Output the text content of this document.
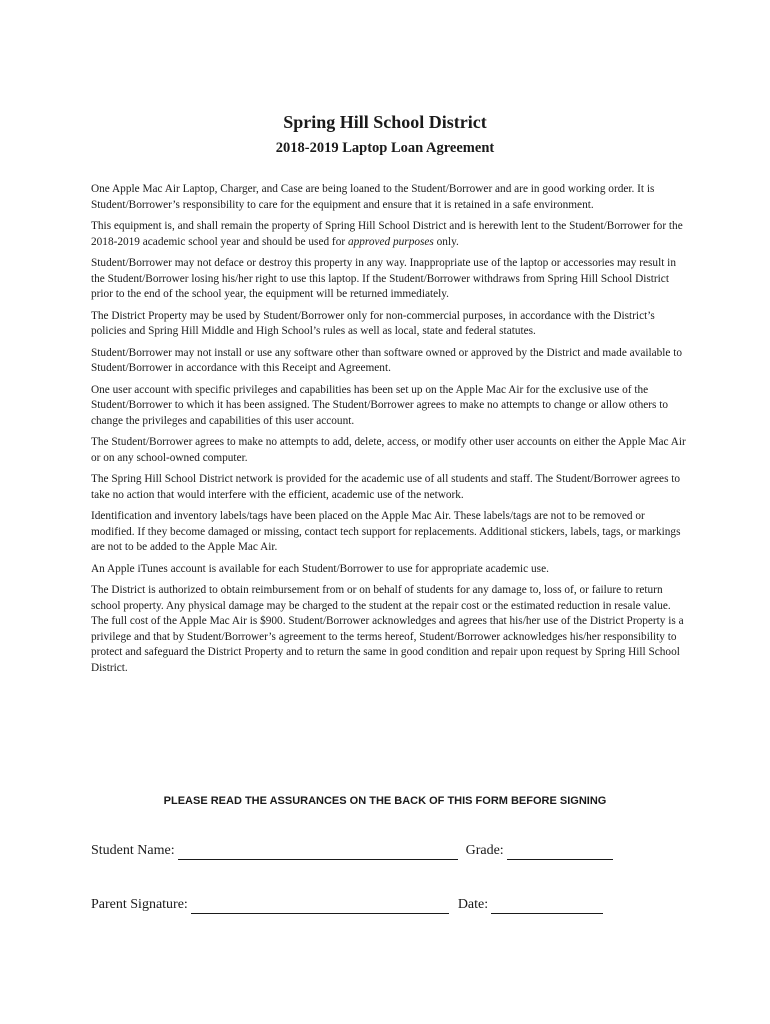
Spring Hill School District
2018-2019 Laptop Loan Agreement

One Apple Mac Air Laptop, Charger, and Case are being loaned to the Student/Borrower and are in good working order. It is Student/Borrower’s responsibility to care for the equipment and ensure that it is retained in a safe environment.

This equipment is, and shall remain the property of Spring Hill School District and is herewith lent to the Student/Borrower for the 2018-2019 academic school year and should be used for approved purposes only.

Student/Borrower may not deface or destroy this property in any way. Inappropriate use of the laptop or accessories may result in the Student/Borrower losing his/her right to use this laptop. If the Student/Borrower withdraws from Spring Hill School District prior to the end of the school year, the equipment will be returned immediately.

The District Property may be used by Student/Borrower only for non-commercial purposes, in accordance with the District’s policies and Spring Hill Middle and High School’s rules as well as local, state and federal statutes.

Student/Borrower may not install or use any software other than software owned or approved by the District and made available to Student/Borrower in accordance with this Receipt and Agreement.

One user account with specific privileges and capabilities has been set up on the Apple Mac Air for the exclusive use of the Student/Borrower to which it has been assigned. The Student/Borrower agrees to make no attempts to change or allow others to change the privileges and capabilities of this user account.

The Student/Borrower agrees to make no attempts to add, delete, access, or modify other user accounts on either the Apple Mac Air or on any school-owned computer.

The Spring Hill School District network is provided for the academic use of all students and staff. The Student/Borrower agrees to take no action that would interfere with the efficient, academic use of the network.

Identification and inventory labels/tags have been placed on the Apple Mac Air. These labels/tags are not to be removed or modified. If they become damaged or missing, contact tech support for replacements. Additional stickers, labels, tags, or markings are not to be added to the Apple Mac Air.

An Apple iTunes account is available for each Student/Borrower to use for appropriate academic use.

The District is authorized to obtain reimbursement from or on behalf of students for any damage to, loss of, or failure to return school property. Any physical damage may be charged to the student at the repair cost or the estimated reduction in resale value. The full cost of the Apple Mac Air is $900. Student/Borrower acknowledges and agrees that his/her use of the District Property is a privilege and that by Student/Borrower’s agreement to the terms hereof, Student/Borrower acknowledges his/her responsibility to protect and safeguard the District Property and to return the same in good condition and repair upon request by Spring Hill School District.

PLEASE READ THE ASSURANCES ON THE BACK OF THIS FORM BEFORE SIGNING

Student Name:	Grade:
Parent Signature:	Date:
